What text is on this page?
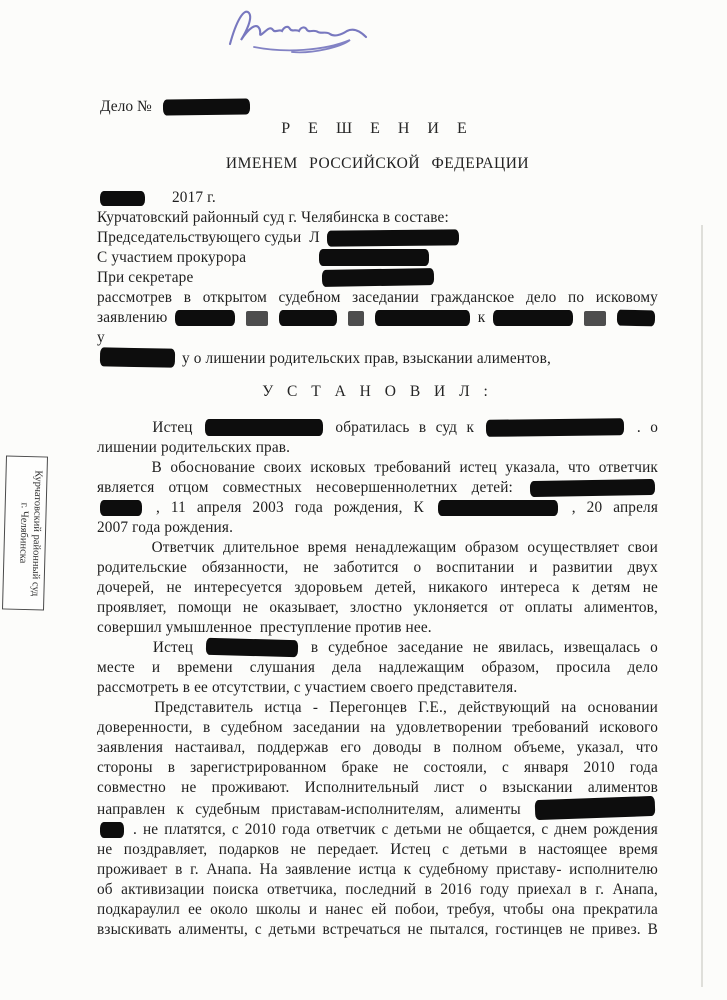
Дело №
Р Е Ш Е Н И Е
ИМЕНЕМ РОССИЙСКОЙ ФЕДЕРАЦИИ
2017 г.
Курчатовский районный суд г. Челябинска в составе:
Председательствующего судьи  Л
С участием прокурора
При секретаре
рассмотрев в открытом судебном заседании гражданское дело по исковому
заявлению	к    у
у о лишении родительских прав, взыскании алиментов,
У С Т А Н О В И Л :
Истец	обратилась в суд к	. о
лишении родительских прав.
В обоснование своих исковых требований истец указала, что ответчик
является отцом совместных несовершеннолетних детей:
, 11 апреля 2003 года рождения, К	, 20 апреля
2007 года рождения.
Ответчик длительное время ненадлежащим образом осуществляет свои
родительские обязанности, не заботится о воспитании и развитии двух
дочерей, не интересуется здоровьем детей, никакого интереса к детям не
проявляет, помощи не оказывает, злостно уклоняется от оплаты алиментов,
совершил умышленное  преступление против нее.
Истец	в судебное заседание не явилась, извещалась о
месте и времени слушания дела надлежащим образом, просила дело
рассмотреть в ее отсутствии, с участием своего представителя.
Представитель истца - Перегонцев Г.Е., действующий на основании
доверенности, в судебном заседании на удовлетворении требований искового
заявления настаивал, поддержав его доводы в полном объеме, указал, что
стороны в зарегистрированном браке не состояли, с января 2010 года
совместно не проживают. Исполнительный лист о взыскании алиментов
направлен к судебным приставам-исполнителям, алименты
. не платятся, с 2010 года ответчик с детьми не общается, с днем рождения
не поздравляет, подарков не передает. Истец с детьми в настоящее время
проживает в г. Анапа. На заявление истца к судебному приставу- исполнителю
об активизации поиска ответчика, последний в 2016 году приехал в г. Анапа,
подкараулил ее около школы и нанес ей побои, требуя, чтобы она прекратила
взыскивать алименты, с детьми встречаться не пытался, гостинцев не привез. В
Курчатовский районный суд
г. Челябинска
